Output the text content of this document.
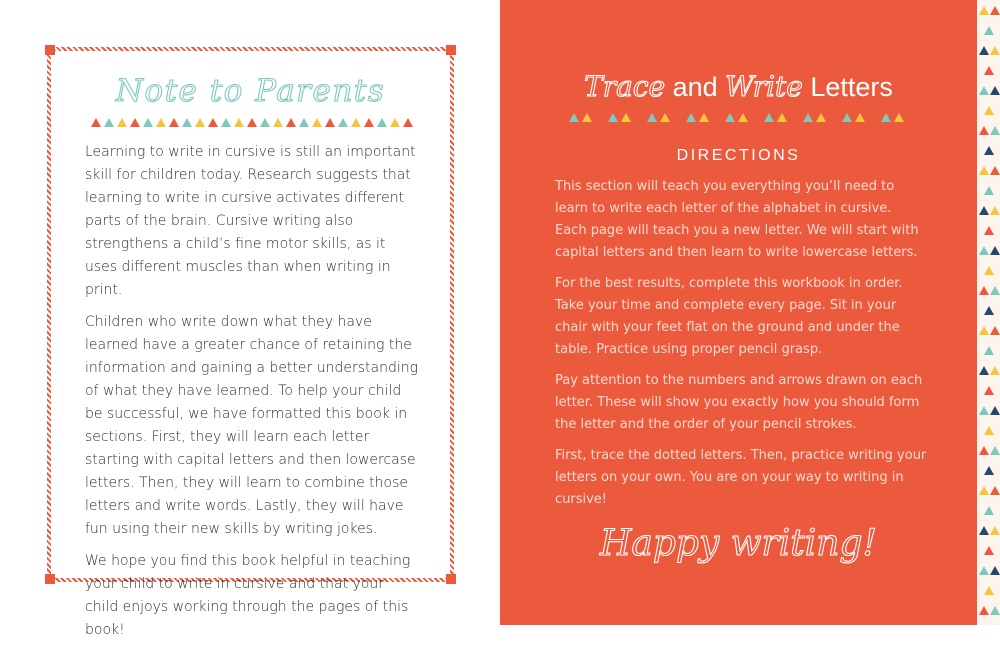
Note to Parents

Learning to write in cursive is still an important skill for children today. Research suggests that learning to write in cursive activates different parts of the brain. Cursive writing also strengthens a child’s fine motor skills, as it uses different muscles than when writing in print.

Children who write down what they have learned have a greater chance of retaining the information and gaining a better understanding of what they have learned. To help your child be successful, we have formatted this book in sections. First, they will learn each letter starting with capital letters and then lowercase letters. Then, they will learn to combine those letters and write words. Lastly, they will have fun using their new skills by writing jokes.

We hope you find this book helpful in teaching your child to write in cursive and that your child enjoys working through the pages of this book!

Trace and Write Letters
DIRECTIONS

This section will teach you everything you’ll need to learn to write each letter of the alphabet in cursive. Each page will teach you a new letter. We will start with capital letters and then learn to write lowercase letters.

For the best results, complete this workbook in order. Take your time and complete every page. Sit in your chair with your feet flat on the ground and under the table. Practice using proper pencil grasp.

Pay attention to the numbers and arrows drawn on each letter. These will show you exactly how you should form the letter and the order of your pencil strokes.

First, trace the dotted letters. Then, practice writing your letters on your own. You are on your way to writing in cursive!

Happy writing!
